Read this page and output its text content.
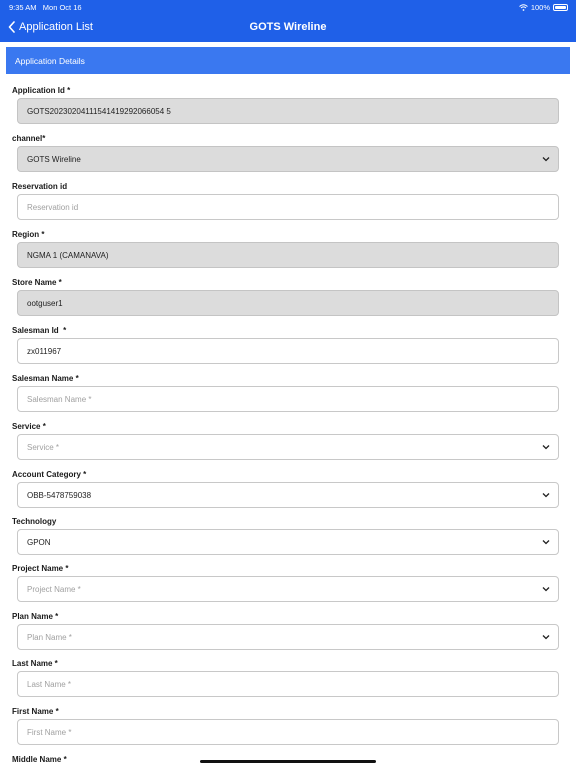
9:35 AM Mon Oct 16	100%
Application List	GOTS Wireline
Application Details
Application Id *
GOTS20230204111541419292066054 5
channel*
GOTS Wireline
Reservation id
Reservation id
Region *
NGMA 1 (CAMANAVA)
Store Name *
ootguser1
Salesman Id  *
zx011967
Salesman Name *
Salesman Name *
Service *
Service *
Account Category *
OBB-5478759038
Technology
GPON
Project Name *
Project Name *
Plan Name *
Plan Name *
Last Name *
Last Name *
First Name *
First Name *
Middle Name *
